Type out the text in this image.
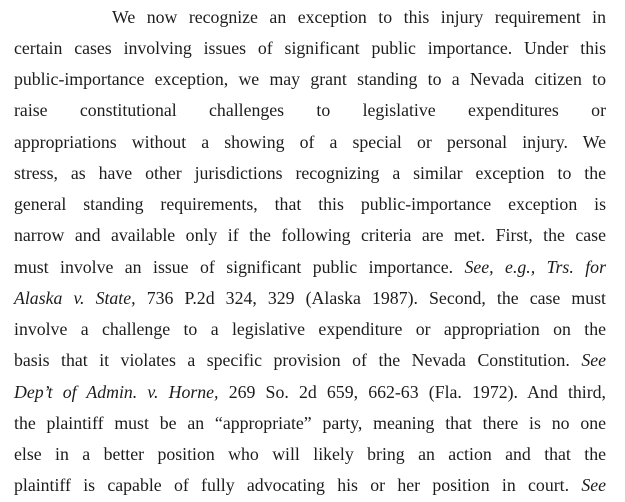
We now recognize an exception to this injury requirement in
certain cases involving issues of significant public importance. Under this
public-importance exception, we may grant standing to a Nevada citizen to
raise constitutional challenges to legislative expenditures or
appropriations without a showing of a special or personal injury. We
stress, as have other jurisdictions recognizing a similar exception to the
general standing requirements, that this public-importance exception is
narrow and available only if the following criteria are met. First, the case
must involve an issue of significant public importance. See, e.g., Trs. for
Alaska v. State, 736 P.2d 324, 329 (Alaska 1987). Second, the case must
involve a challenge to a legislative expenditure or appropriation on the
basis that it violates a specific provision of the Nevada Constitution. See
Dep’t of Admin. v. Horne, 269 So. 2d 659, 662-63 (Fla. 1972). And third,
the plaintiff must be an “appropriate” party, meaning that there is no one
else in a better position who will likely bring an action and that the
plaintiff is capable of fully advocating his or her position in court. See
